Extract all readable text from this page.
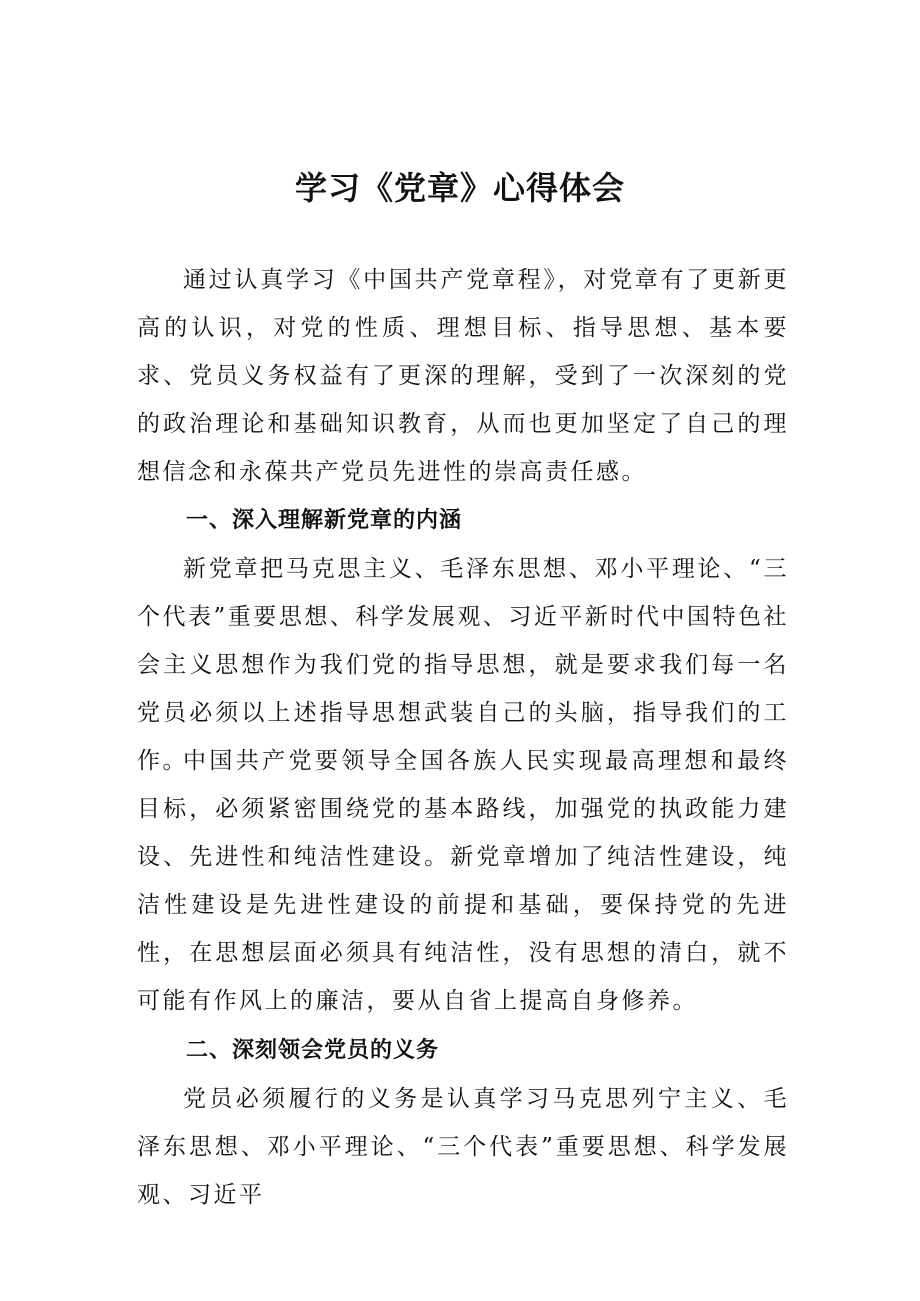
学习《党章》心得体会

通过认真学习《中国共产党章程》，对党章有了更新更高的认识，对党的性质、理想目标、指导思想、基本要求、党员义务权益有了更深的理解，受到了一次深刻的党的政治理论和基础知识教育，从而也更加坚定了自己的理想信念和永葆共产党员先进性的崇高责任感。

一、深入理解新党章的内涵

新党章把马克思主义、毛泽东思想、邓小平理论、“三个代表”重要思想、科学发展观、习近平新时代中国特色社会主义思想作为我们党的指导思想，就是要求我们每一名党员必须以上述指导思想武装自己的头脑，指导我们的工作。

中国共产党要领导全国各族人民实现最高理想和最终目标，必须紧密围绕党的基本路线，加强党的执政能力建设、先进性和纯洁性建设。新党章增加了纯洁性建设，纯洁性建设是先进性建设的前提和基础，要保持党的先进性，在思想层面必须具有纯洁性，没有思想的清白，就不可能有作风上的廉洁，要从自省上提高自身修养。

二、深刻领会党员的义务

党员必须履行的义务是认真学习马克思列宁主义、毛泽东思想、邓小平理论、“三个代表”重要思想、科学发展观、习近平
